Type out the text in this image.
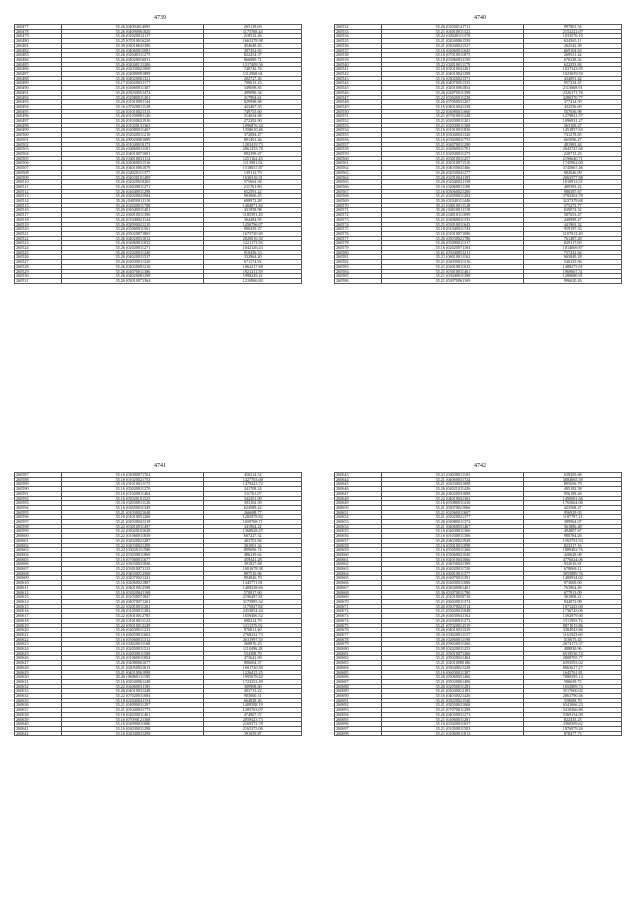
4739
260477	35.26 (04094014085	265118.69
260478	35.26 (04090961820	1175768.44
260479	35.26 (02020012117	218512.26
260480	35.25 (07010016230	1663278.98
260481	35.39 (02018641396	454648.45
260482	35.26 (04060015081	307452.63
260483	35.26 (02040311275	822254.37
260484	35.26 (04020016031	866089.71
260485	35.26 (02040131206	1317409.56
260486	35.26 (02030021069	740742.76
260487	35.26 (02080091899	1112968.64
260488	35.26 (04020061321	202727.26
260489	35.17 (04020031177	700613.23
260490	35.26 (04060011307	349698.83
260491	35.26 (03030051474	499096.34
260492	35.26 (02080011201	317904.61
260493	35.26 (01010091144	829998.68
260494	35.16 (07020011128	423467.35
260495	35.26 (01010021315	749755.60
260496	35.26 (01030081126	314634.68
260497	35.26 (01030021916	272292.90
260498	35.26 (01020131365	1096876.34
260499	35.26 (04080011467	1358610.46
260500	35.26 (02020011210	372084.47
260501	35.26 (09020001089	891491.26
260502	35.26 (01040010172	1203419.73
260503	35.26 (04060011181	2861255.78
260504	35.22 (04010071691	892399.47
260505	35.26 (04010031114	1251162.43
260506	35.26 (02060031516	1113981.02
260507	35.26 (04010061079	1518037.87
260508	35.26 (04020111377	139112.79
260509	35.26 (02030101409	1636316.31
260510	35.26 (02020010265	575664.94
260511	35.26 (04020011271	211761.80
260512	35.26 (04040011298	652591.22
260513	35.26 (02020041084	903066.25
260514	35.26 (04050011110	698972.28
260515	35.26 (02020011708	1404071.84
260516	35.26 (06040011401	431958.98
260517	35.22 (06010011396	1185591.20
260518	35.26 (01040021144	304484.95
260519	35.26 (02090021210	1456796.07
260520	35.26 (05060011561	900459.37
260521	35.26 (05020071865	1675720.69
260522	35.26 (04020031812	2020016.30
260523	35.26 (04060011052	1221173.56
260524	35.26 (02020011271	1042126.43
260525	35.26 (02020011240	910456.53
260526	35.26 (04020031537	332964.20
260527	35.26 (04030011320	671174.92
260528	35.26 (04020091216	1062217.68
260529	35.26 (04070011386	1921211.59
260530	35.26 (04020081298	1998249.21
260531	35.26 (05010071364	1216966.84
4740
260532	35.26 (02030141711	997801.54
260533	35.21 (04010011322	2152222.07
260534	35.22 (02040111370	1033576.10
260535	35.21 (02040061550	624565.11
260536	35.21 (03040021527	262542.38
260537	35.16 (04060011645	669104.63
260538	35.16 (07010011875	269531.42
260539	35.18 (03060031150	676328.32
260540	35.22 (02010011179	622253.84
260541	35.18 (02010041201	1037343.95
260542	35.21 (04010041298	1023659.50
260543	35.16 (03020021571	434091.42
260544	35.26 (04070051335	957334.47
260545	35.21 (02010061854	2113668.91
260546	35.26 (04070011398	2326171.76
260547	35.22 (03020011228	4280370.77
260548	35.26 (07060031267	377414.59
260549	35.16 (04010041338	432356.69
260550	35.22 (04090011660	557656.98
260551	35.21 (07010011248	1279821.57
260552	35.21 (02030011201	1096931.27
260553	35.21 (02030011308	363169.27
260554	35.16 (01010011836	1451857.63
260555	35.18 (03040041326	741278.65
260556	35.16 (03020011755	665096.27
260557	35.21 (04070011290	481983.44
260558	35.21 (04060011701	2045747.66
260559	35.15 (02030011275	220713.23
260560	35.21 (03010011257	2196640.71
260561	35.21 (02010071510	1745962.00
260562	35.26 (04030041466	3745667.46
260563	35.26 (02030041277	882646.09
260564	35.26 (02010041183	2063577.88
260565	35.26 (02040021158	1016913.51
260566	35.16 (02060011180	409383.22
260567	35.16 (03060021200	986587.67
260568	35.21 (02050011202	3782502.78
260569	35.26 (01040111446	3237379.68
260570	35.21 (04010011128	575273.77
260571	35.26 (04010011118	639072.32
260572	35.26 (04010111099	587653.47
260573	35.21 (04060011335	440999.27
260574	35.21 (03010011643	441963.32
260575	35.18 (01040011743	959197.33
260576	35.16 (01010071096	1107013.20
260577	35.26 (03030021786	761487.28
260578	35.26 (05080011317	829117.60
260579	35.16 (02020071104	1014669.87
260580	35.61 (05040051211	757432.64
260581	35.21 (06010011162	663849.28
260582	35.21 (04030011316	546335.94
260583	35.21 (04010011043	1488275.91
260584	35.21 (03010011461	1969667.31
260585	35.21 (03040011298	1280680.91
260586	35.21 (03070061169	996620.26
4741
260587	35.16 (03080071762	456214.52
260588	35.18 (01020021753	1427703.08
260589	35.16 (01010011175	1479423.72
260590	35.16 (05020011270	341708.24
260591	35.16 (01020011464	311761.07
260592	35.16 (03020101525	342201.09
260593	35.16 (02030011126	393102.39
260594	35.16 (04050011349	624589.22
260595	35.21 (01030021048	266688.77
260596	35.16 (01010051260	1282978.82
260597	35.21 (02030041218	1659768.71
260598	35.22 (03010011497	341964.22
260599	35.22 (03020101628	1368028.47
260600	35.22 (01060011839	607227.32
260601	35.22 (02020021287	403701.84
260602	35.22 (02030021290	301001.34
260603	35.22 (03020111580	899696.74
260604	35.22 (03030011869	486239.62
260605	35.16 (07060011677	459441.28
260606	35.22 (03030031846	391827.68
260607	35.22 (03010071123	1001678.38
260608	35.26 (04030012568	897516.96
260609	35.22 (02070021241	894826.70
260610	35.16 (02060021887	1345771.81
260611	35.21 (04010012598	1409238.66
260612	35.16 (03020041168	570817.60
260613	35.21 (01030071847	2196497.81
260614	35.26 (04070071261	3175985.32
260615	35.22 (02010011261	1175037.84
260616	35.26 (01050011282	2453854.44
260617	35.22 (03010012785	1659406.52
260618	35.26 (01010011123	690214.79
260619	35.22 (03010012249	1211576.92
260620	35.26 (04030011233	976811.40
260621	35.16 (06050011602	2768232.73
260622	35.16 (05060011312	2631997.55
260623	35.16 (04020011168	368876.25
260624	35.21 (02050011521	1110496.28
260625	35.16 (04030011508	534308.70
260626	35.26 (01060011004	473641.69
260627	35.26 (02080061677	896004.37
260628	35.21 (02050021613	1691720.50
260629	35.21 (04010061098	1226415.25
260630	35.26 (06060111185	1995678.42
260631	35.16 (02040061248	1723252.49
260632	35.22 (04060031185	309908.60
260633	35.26 (04010031248	403713.22
260634	35.22 (07020011084	903060.31
260635	35.18 (02040041154	664828.26
260636	35.21 (04090011297	1409588.19
260637	35.21 (01040031775	1285763.07
260638	35.16 (04030011401	474807.37
260639	35.16 (07090121368	2059423.73
260640	35.16 (04090011686	2169372.78
260641	35.16 (04030011298	2165375.06
260642	35.16 (02040031299	391659.87
4742
260643	35.21 (04030011183	639305.68
260644	35.21 (04060031724	3084065.59
260645	35.21 (03030031008	895656.79
260646	35.26 (04021011426	495182.58
260647	35.26 (04020031098	956189.26
260648	35.22 (04010041302	1490081.66
260649	35.16 (05080011416	1765664.06
260650	35.21 (03070021066	423568.27
260651	35.21 (02060011607	956929.03
260652	35.21 (03020021377	1187797.21
260653	35.26 (04080011372	389964.07
260654	35.21 (04060031467	361886.48
260655	35.16 (04030011366	494807.67
260656	35.16 (01030011306	980784.26
260657	35.26 (04030021928	1565791.93
260658	35.16 (03010011098	823317.16
260659	35.16 (05050011266	1889482.76
260660	35.16 (03060021040	420628.08
260661	35.16 (02010041066	4776024.06
260662	35.21 (04030041399	932616.91
260663	35.26 (04020011720	678068.11
260664	35.16 (06010011377	3055889.76
260665	35.26 (04070011391	1400934.02
260666	35.26 (04030011686	973669.00
260667	35.26 (02040061401	763964.49
260668	35.36 (03070011780	677913.09
260669	35.21 (01010050716	301808.21
260670	35.21 (06020011374	944072.98
260671	35.26 (03070021514	1071225.00
260672	35.21 (05020011048	1736745.06
260673	35.26 (04030041162	1392979.00
260674	35.26 (02040011272	1511955.72
260675	35.21 (07020012519	8871015.86
260676	35.26 (04010031529	3384943.86
260677	35.16 (03020011157	1161943.69
260678	35.26 (02060011190	510675.45
260679	35.26 (09020011266	2674173.37
260680	35.08 (02020011253	488830.96
260681	35.21 (03010071266	6519536.74
260682	35.21 (05020021464	2808705.77
260683	35.21 (02010080186	6393593.02
260684	35.21 (03040021228	8063617.27
260685	35.16 (06030011387	1645761.81
260686	35.26 (05060051466	7080395.14
260687	35.21 (05020061406	506639.72
260688	35.26 (02050011283	1652909.74
260689	35.21 (03040012183	3517660.02
260690	35.16 (04030021426	2863790.46
260691	35.21 (03020021540	558688.70
260692	35.21 (02030021068	6341066.23
260693	35.21 (07070011298	3410366.86
260694	35.26 (04030031273	5369134.09
260695	35.21 (04060011281	822433.25
260696	35.16 (03020011657	4368309.62
260697	35.21 (01050011503	1976979.26
260698	35.21 (02060011813	878477.73
